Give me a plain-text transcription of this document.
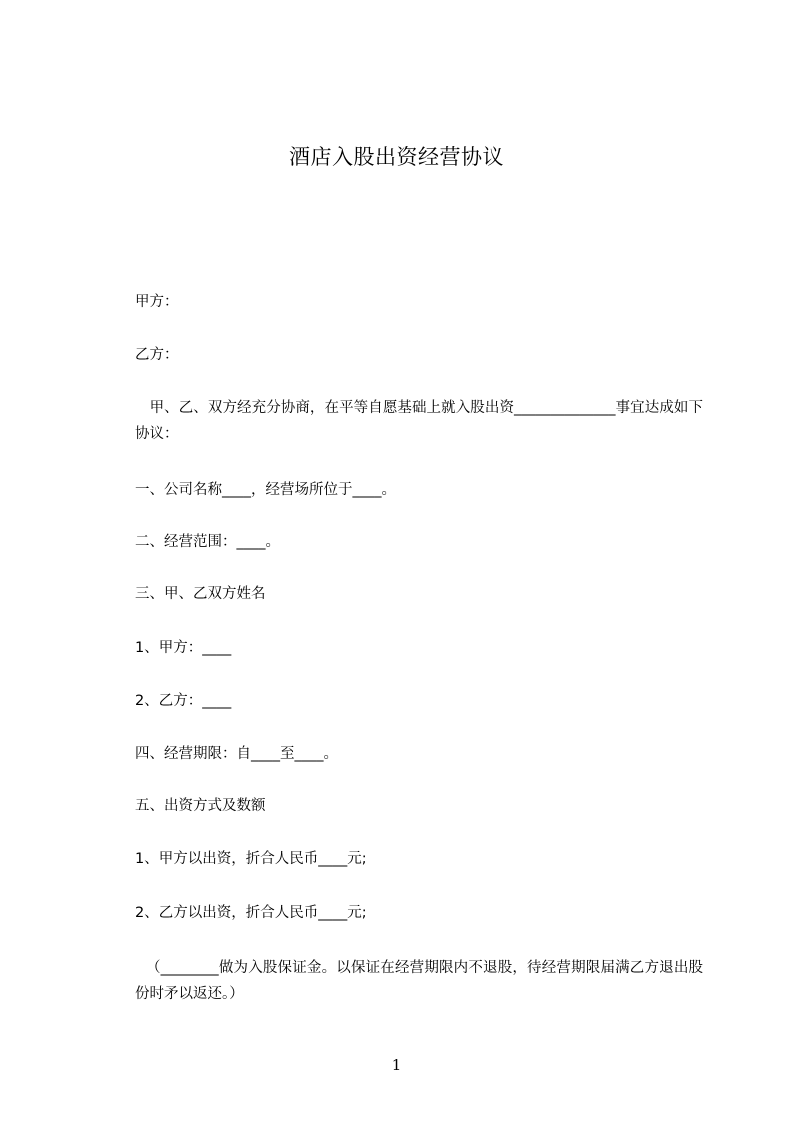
酒店入股出资经营协议
甲方：
乙方：
　甲、乙、双方经充分协商，在平等自愿基础上就入股出资______________事宜达成如下协议：
一、公司名称____，经营场所位于____。
二、经营范围：____。
三、甲、乙双方姓名
1、甲方：____
2、乙方：____
四、经营期限：自____至____。
五、出资方式及数额
1、甲方以出资，折合人民币____元;
2、乙方以出资，折合人民币____元;
（________做为入股保证金。以保证在经营期限内不退股，待经营期限届满乙方退出股份时矛以返还。）
1
